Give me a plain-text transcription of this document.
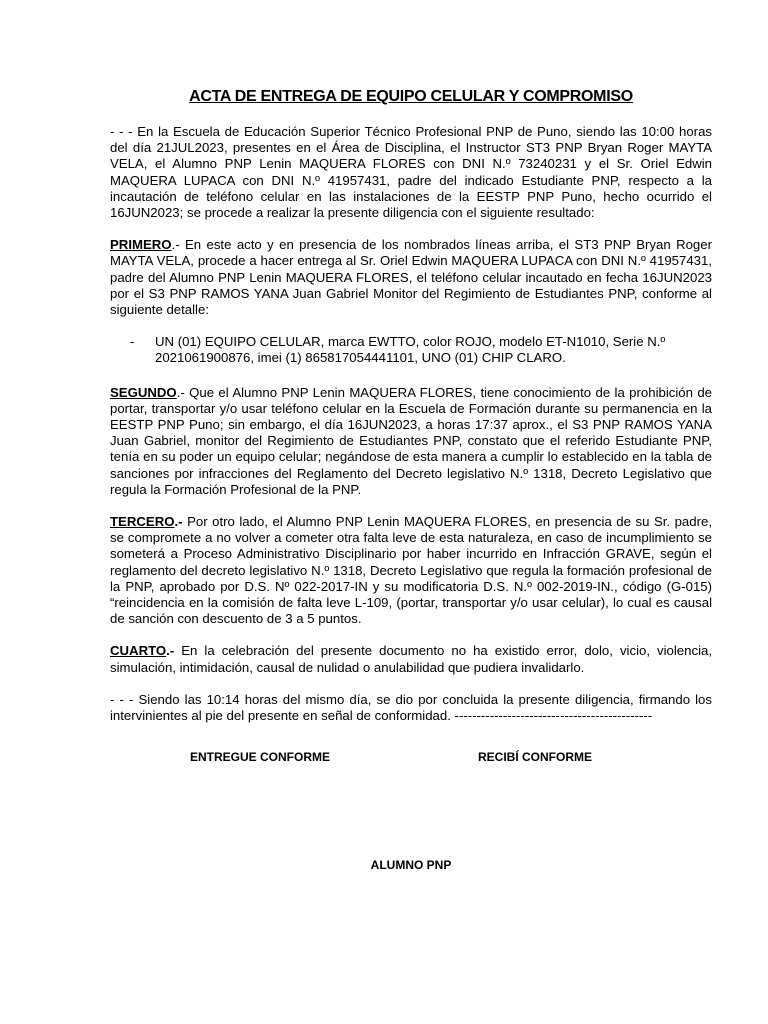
ACTA DE ENTREGA DE EQUIPO CELULAR Y COMPROMISO

- - - En la Escuela de Educación Superior Técnico Profesional PNP de Puno, siendo las 10:00 horas del día 21JUL2023, presentes en el Área de Disciplina, el Instructor ST3 PNP Bryan Roger MAYTA VELA, el Alumno PNP Lenin MAQUERA FLORES con DNI N.º 73240231 y el Sr. Oriel Edwin MAQUERA LUPACA con DNI N.º 41957431, padre del indicado Estudiante PNP, respecto a la incautación de teléfono celular en las instalaciones de la EESTP PNP Puno, hecho ocurrido el 16JUN2023; se procede a realizar la presente diligencia con el siguiente resultado:

PRIMERO.- En este acto y en presencia de los nombrados líneas arriba, el ST3 PNP Bryan Roger MAYTA VELA, procede a hacer entrega al Sr. Oriel Edwin MAQUERA LUPACA con DNI N.º 41957431, padre del Alumno PNP Lenin MAQUERA FLORES, el teléfono celular incautado en fecha 16JUN2023 por el S3 PNP RAMOS YANA Juan Gabriel Monitor del Regimiento de Estudiantes PNP, conforme al siguiente detalle:

-	UN (01) EQUIPO CELULAR, marca EWTTO, color ROJO, modelo ET-N1010, Serie N.º 2021061900876, imei (1) 865817054441101, UNO (01) CHIP CLARO.

SEGUNDO.- Que el Alumno PNP Lenin MAQUERA FLORES, tiene conocimiento de la prohibición de portar, transportar y/o usar teléfono celular en la Escuela de Formación durante su permanencia en la EESTP PNP Puno; sin embargo, el día 16JUN2023, a horas 17:37 aprox., el S3 PNP RAMOS YANA Juan Gabriel, monitor del Regimiento de Estudiantes PNP, constato que el referido Estudiante PNP, tenía en su poder un equipo celular; negándose de esta manera a cumplir lo establecido en la tabla de sanciones por infracciones del Reglamento del Decreto legislativo N.º 1318, Decreto Legislativo que regula la Formación Profesional de la PNP.

TERCERO.- Por otro lado, el Alumno PNP Lenin MAQUERA FLORES, en presencia de su Sr. padre, se compromete a no volver a cometer otra falta leve de esta naturaleza, en caso de incumplimiento se someterá a Proceso Administrativo Disciplinario por haber incurrido en Infracción GRAVE, según el reglamento del decreto legislativo N.º 1318, Decreto Legislativo que regula la formación profesional de la PNP, aprobado por D.S. Nº 022-2017-IN y su modificatoria D.S. N.º 002-2019-IN., código (G-015) “reincidencia en la comisión de falta leve L-109, (portar, transportar y/o usar celular), lo cual es causal de sanción con descuento de 3 a 5 puntos.

CUARTO.- En la celebración del presente documento no ha existido error, dolo, vicio, violencia, simulación, intimidación, causal de nulidad o anulabilidad que pudiera invalidarlo.

- - - Siendo las 10:14 horas del mismo día, se dio por concluida la presente diligencia, firmando los intervinientes al pie del presente en señal de conformidad. ---------------------------------------------

ENTREGUE CONFORME	RECIBÍ CONFORME
ALUMNO PNP
